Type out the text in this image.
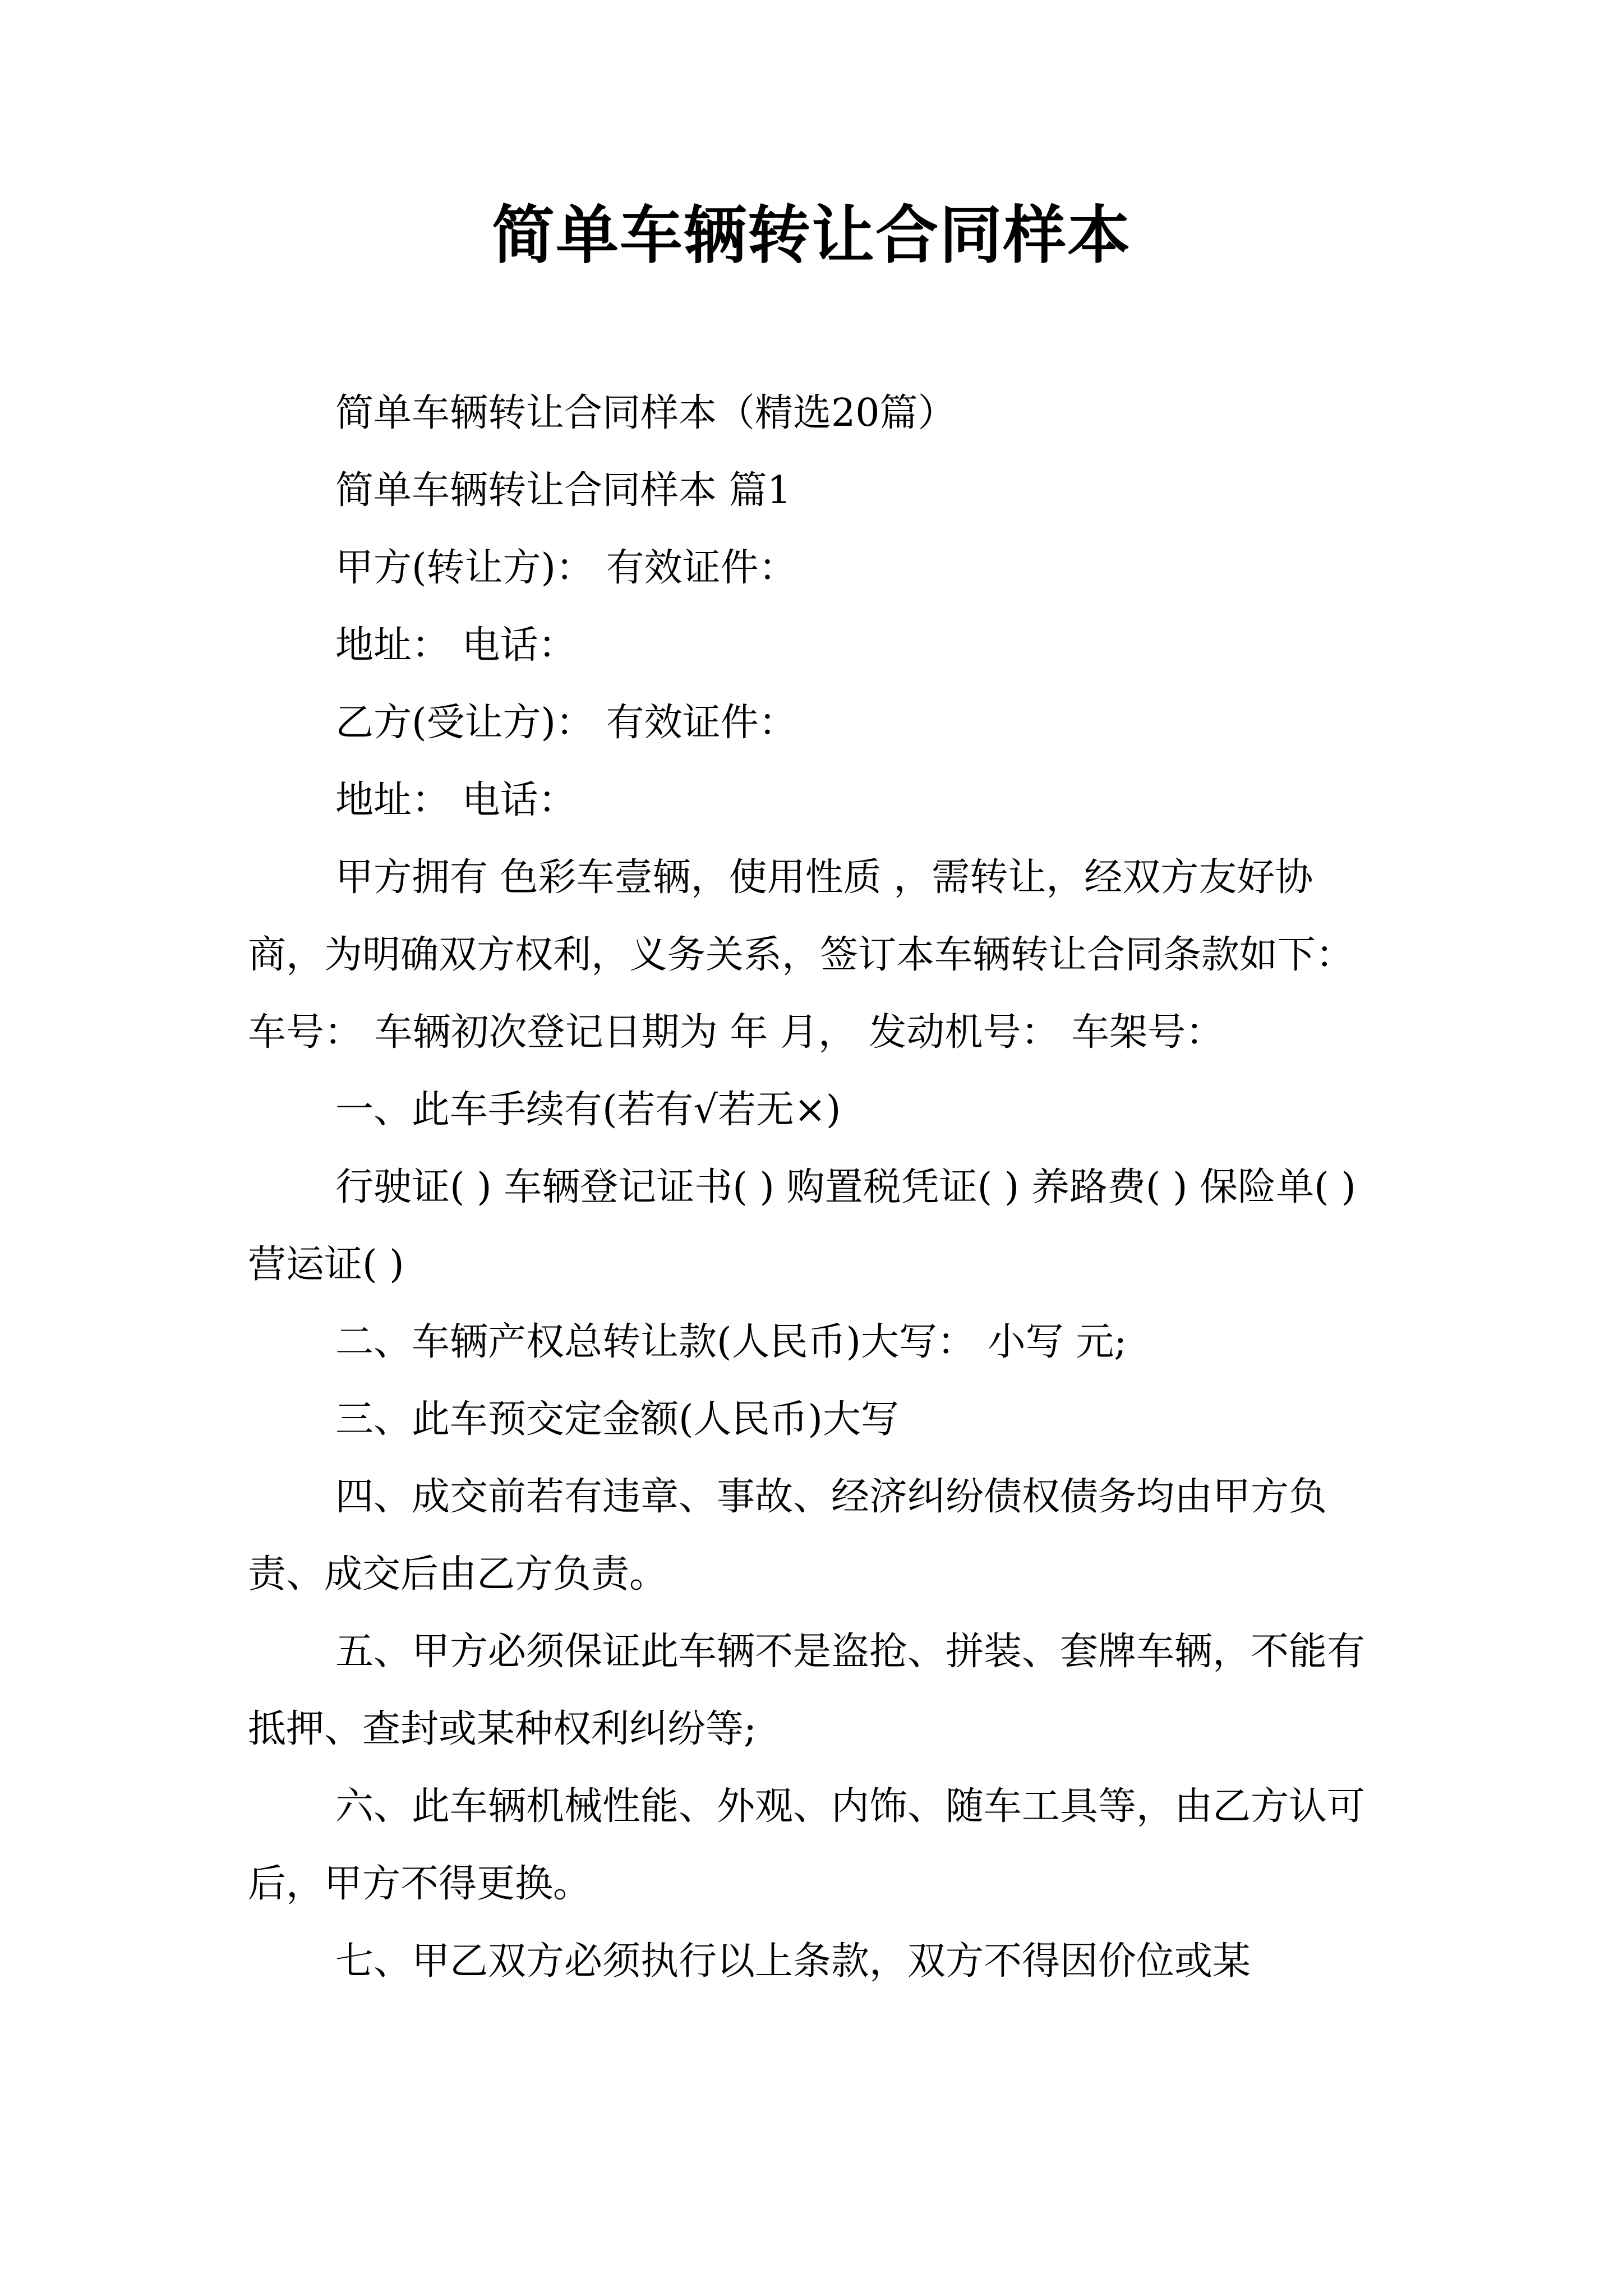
简单车辆转让合同样本

简单车辆转让合同样本（精选20篇）

简单车辆转让合同样本 篇1

甲方(转让方)： 有效证件：

地址： 电话：

乙方(受让方)： 有效证件：

地址： 电话：

甲方拥有 色彩车壹辆，使用性质 ，需转让，经双方友好协商，为明确双方权利，义务关系，签订本车辆转让合同条款如下： 车号： 车辆初次登记日期为 年 月， 发动机号： 车架号：

一、此车手续有(若有√若无×)

行驶证( ) 车辆登记证书( ) 购置税凭证( ) 养路费( ) 保险单( ) 营运证( )

二、车辆产权总转让款(人民币)大写： 小写 元;

三、此车预交定金额(人民币)大写

四、成交前若有违章、事故、经济纠纷债权债务均由甲方负责、成交后由乙方负责。

五、甲方必须保证此车辆不是盗抢、拼装、套牌车辆，不能有抵押、查封或某种权利纠纷等;

六、此车辆机械性能、外观、内饰、随车工具等，由乙方认可后，甲方不得更换。

七、甲乙双方必须执行以上条款，双方不得因价位或某
